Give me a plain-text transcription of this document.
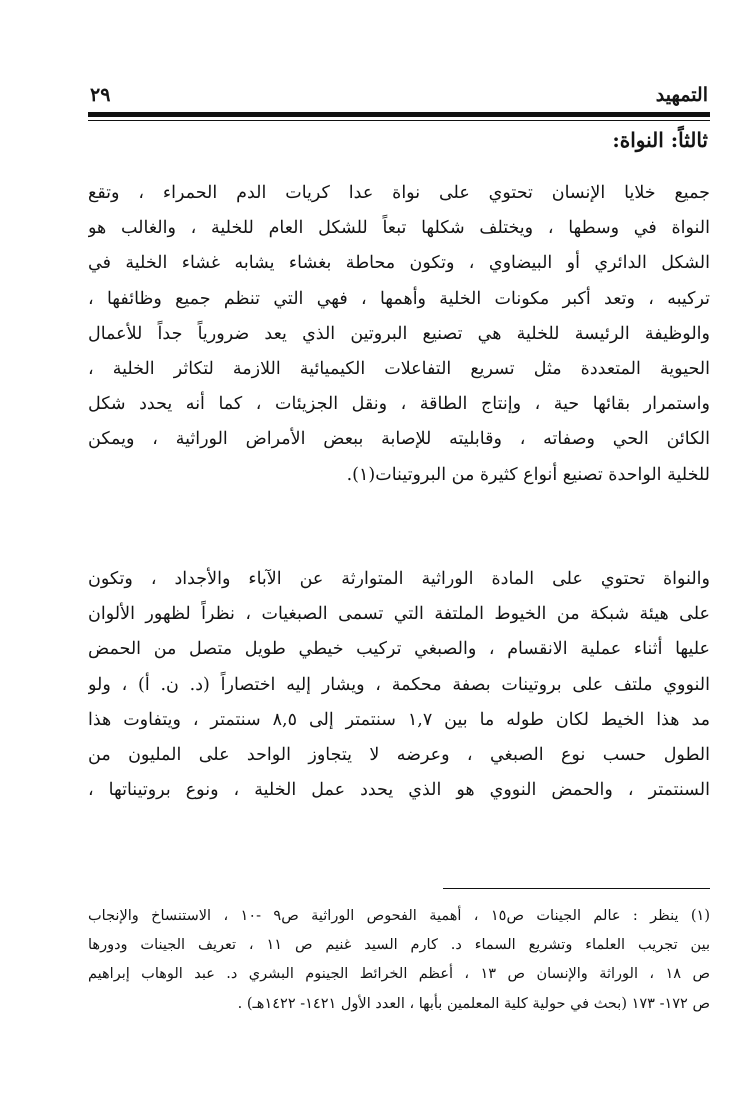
٢٩	التمهيد
ثالثاً: النواة:
جميع خلايا الإنسان تحتوي على نواة عدا كريات الدم الحمراء ، وتقع
النواة في وسطها ، ويختلف شكلها تبعاً للشكل العام للخلية ، والغالب هو
الشكل الدائري أو البيضاوي ، وتكون محاطة بغشاء يشابه غشاء الخلية في
تركيبه ، وتعد أكبر مكونات الخلية وأهمها ، فهي التي تنظم جميع وظائفها ،
والوظيفة الرئيسة للخلية هي تصنيع البروتين الذي يعد ضرورياً جداً للأعمال
الحيوية المتعددة مثل تسريع التفاعلات الكيميائية اللازمة لتكاثر الخلية ،
واستمرار بقائها حية ، وإنتاج الطاقة ، ونقل الجزيئات ، كما أنه يحدد شكل
الكائن الحي وصفاته ، وقابليته للإصابة ببعض الأمراض الوراثية ، ويمكن
للخلية الواحدة تصنيع أنواع كثيرة من البروتينات(١).
والنواة تحتوي على المادة الوراثية المتوارثة عن الآباء والأجداد ، وتكون
على هيئة شبكة من الخيوط الملتفة التي تسمى الصبغيات ، نظراً لظهور الألوان
عليها أثناء عملية الانقسام ، والصبغي تركيب خيطي طويل متصل من الحمض
النووي ملتف على بروتينات بصفة محكمة ، ويشار إليه اختصاراً (د. ن. أ) ، ولو
مد هذا الخيط لكان طوله ما بين ١,٧ سنتمتر إلى ٨,٥ سنتمتر ، ويتفاوت هذا
الطول حسب نوع الصبغي ، وعرضه لا يتجاوز الواحد على المليون من
السنتمتر ، والحمض النووي هو الذي يحدد عمل الخلية ، ونوع بروتيناتها ،
(١) ينظر : عالم الجينات ص١٥ ، أهمية الفحوص الوراثية ص٩ -١٠ ، الاستنساخ والإنجاب
بين تجريب العلماء وتشريع السماء د. كارم السيد غنيم ص ١١ ، تعريف الجينات ودورها
ص ١٨ ، الوراثة والإنسان ص ١٣ ، أعظم الخرائط الجينوم البشري د. عبد الوهاب إبراهيم
ص ١٧٢- ١٧٣ (بحث في حولية كلية المعلمين بأبها ، العدد الأول ١٤٢١- ١٤٢٢هـ) .
